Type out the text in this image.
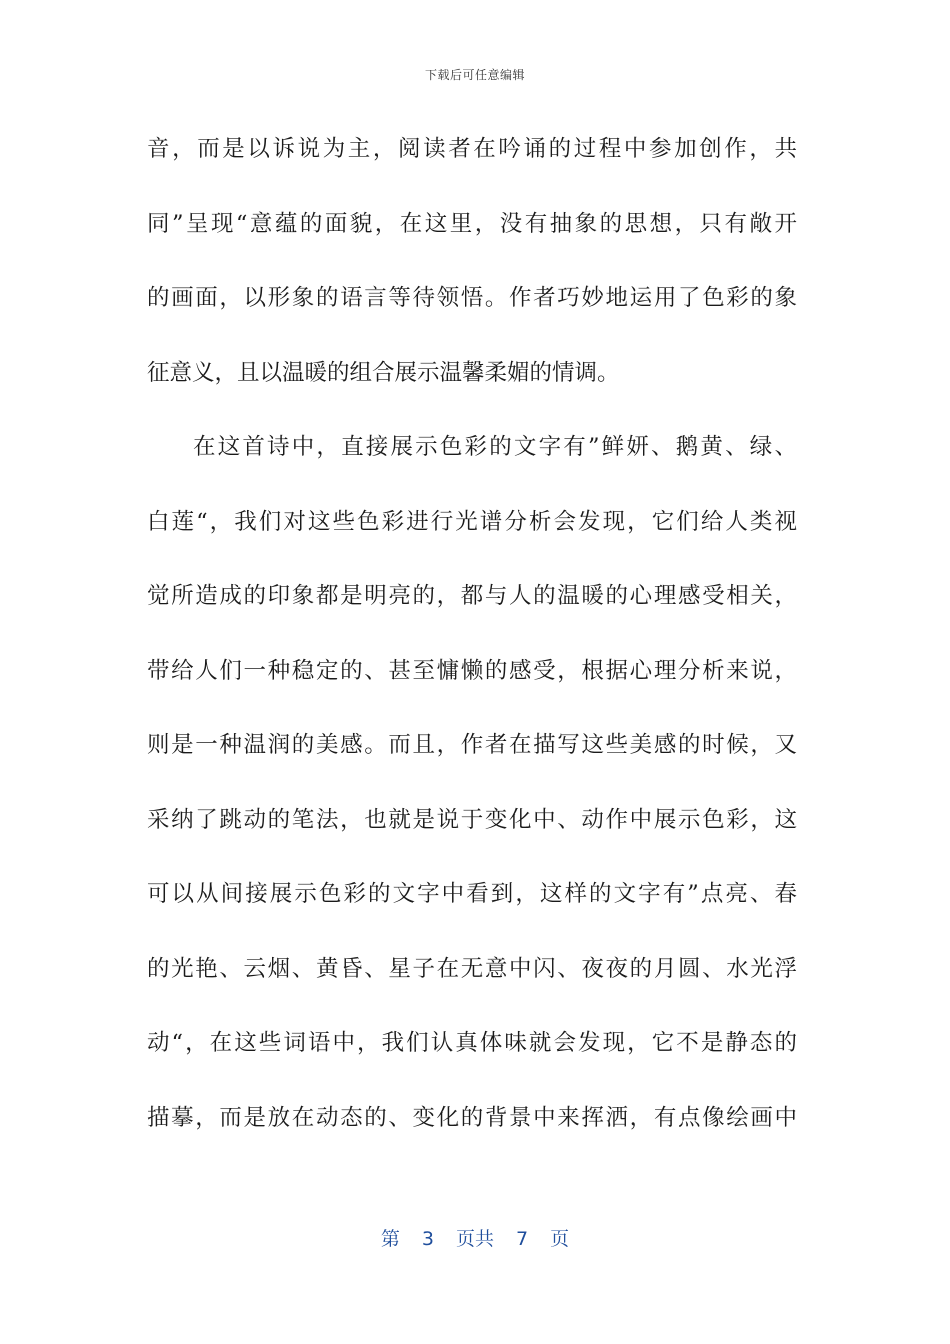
下载后可任意编辑
音，而是以诉说为主，阅读者在吟诵的过程中参加创作，共
同”呈现“意蕴的面貌，在这里，没有抽象的思想，只有敞开
的画面，以形象的语言等待领悟。作者巧妙地运用了色彩的象
征意义，且以温暖的组合展示温馨柔媚的情调。
在这首诗中，直接展示色彩的文字有”鲜妍、鹅黄、绿、
白莲“，我们对这些色彩进行光谱分析会发现，它们给人类视
觉所造成的印象都是明亮的，都与人的温暖的心理感受相关，
带给人们一种稳定的、甚至慵懒的感受，根据心理分析来说，
则是一种温润的美感。而且，作者在描写这些美感的时候，又
采纳了跳动的笔法，也就是说于变化中、动作中展示色彩，这
可以从间接展示色彩的文字中看到，这样的文字有”点亮、春
的光艳、云烟、黄昏、星子在无意中闪、夜夜的月圆、水光浮
动“，在这些词语中，我们认真体味就会发现，它不是静态的
描摹，而是放在动态的、变化的背景中来挥洒，有点像绘画中
第 3 页共 7 页
